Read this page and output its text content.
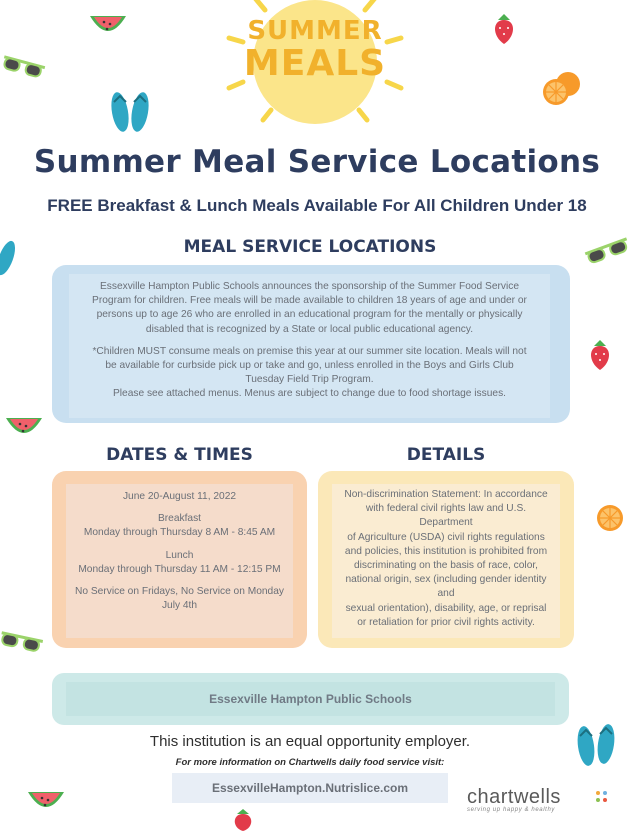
SUMMER
MEALS
Summer Meal Service Locations
FREE Breakfast & Lunch Meals Available For All Children Under 18
MEAL SERVICE LOCATIONS

Essexville Hampton Public Schools announces the sponsorship of the Summer Food Service
Program for children. Free meals will be made available to children 18 years of age and under or
persons up to age 26 who are enrolled in an educational program for the mentally or physically
disabled that is recognized by a State or local public educational agency.

*Children MUST consume meals on premise this year at our summer site location. Meals will not
be available for curbside pick up or take and go, unless enrolled in the Boys and Girls Club
Tuesday Field Trip Program.
Please see attached menus. Menus are subject to change due to food shortage issues.

DATES & TIMES

June 20-August 11, 2022

Breakfast
Monday through Thursday 8 AM - 8:45 AM

Lunch
Monday through Thursday 11 AM - 12:15 PM

No Service on Fridays, No Service on Monday
July 4th

DETAILS

Non-discrimination Statement: In accordance
with federal civil rights law and U.S.
Department
of Agriculture (USDA) civil rights regulations
and policies, this institution is prohibited from
discriminating on the basis of race, color,
national origin, sex (including gender identity
and
sexual orientation), disability, age, or reprisal
or retaliation for prior civil rights activity.

Essexville Hampton Public Schools
This institution is an equal opportunity employer.
For more information on Chartwells daily food service visit:
EssexvilleHampton.Nutrislice.com	chartwells
serving up happy & healthy
